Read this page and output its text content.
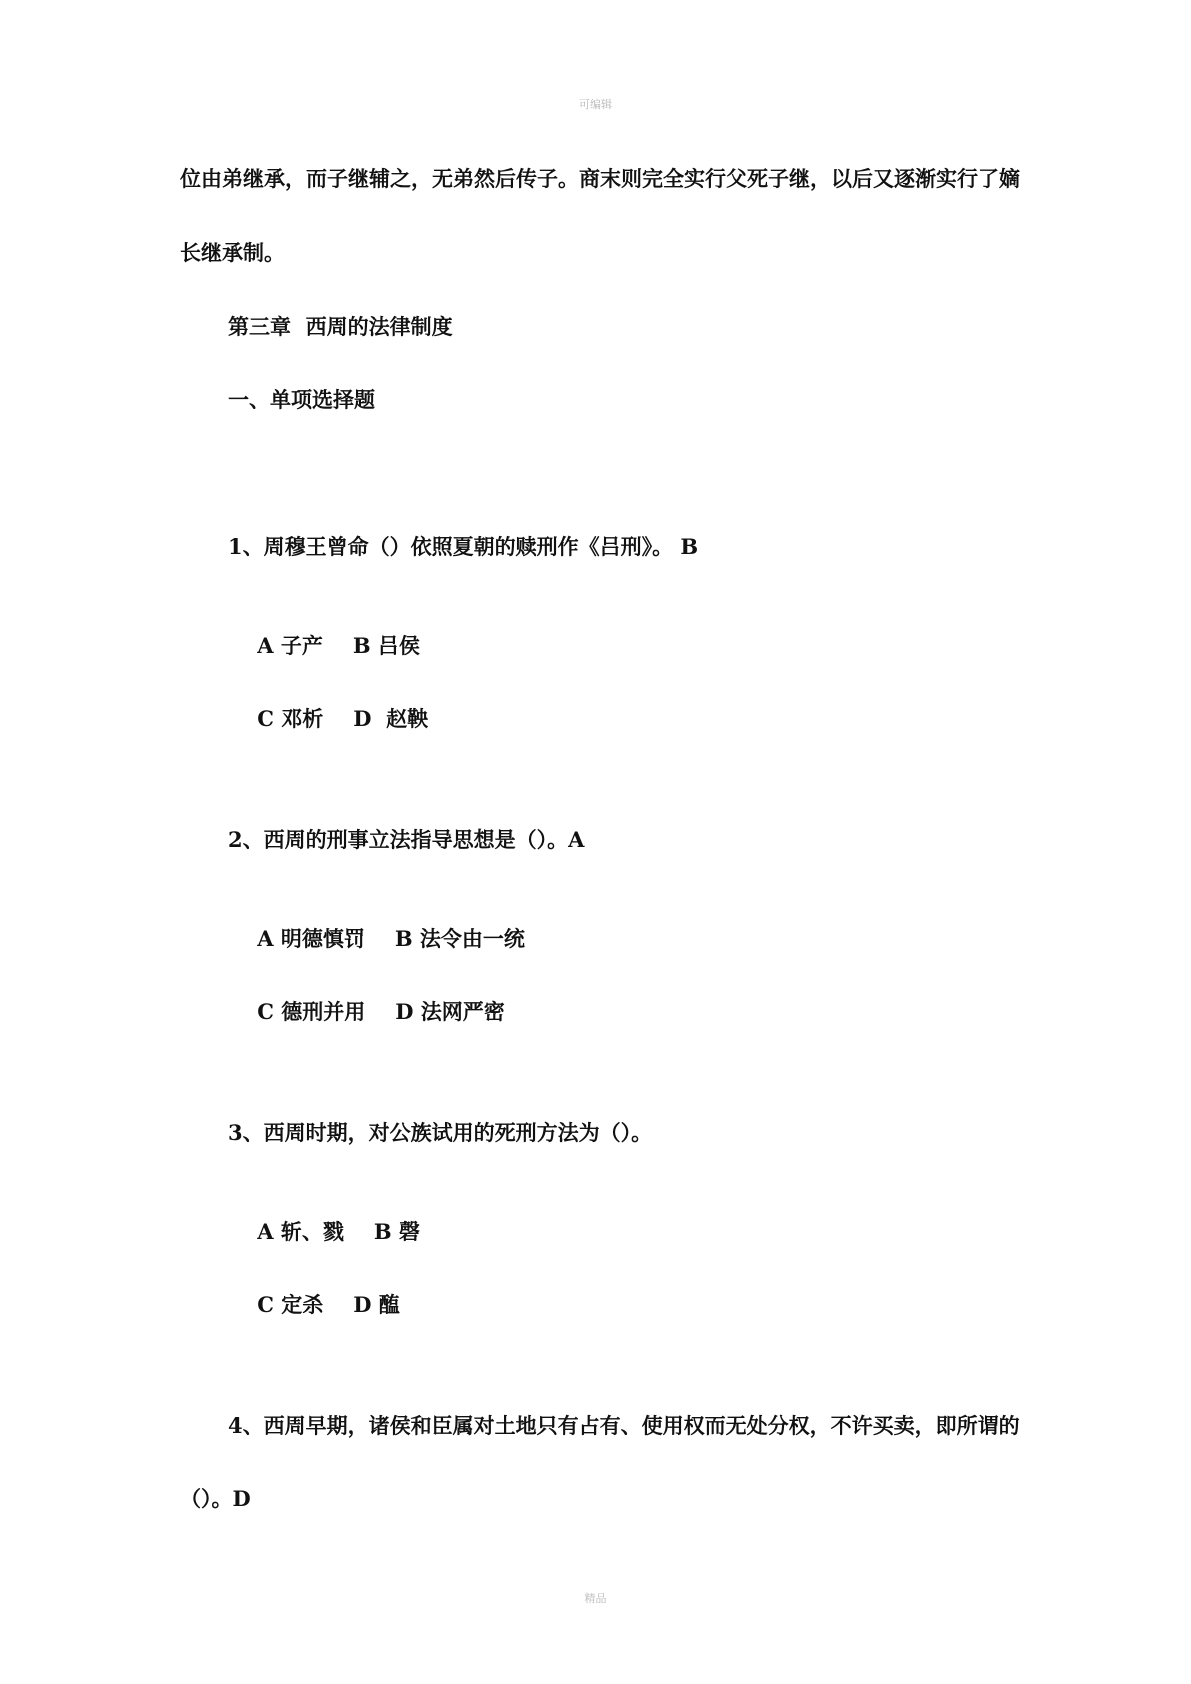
可编辑
位由弟继承，而子继辅之，无弟然后传子。商末则完全实行父死子继，以后又逐渐实行了嫡
长继承制。
第三章  西周的法律制度
一、单项选择题
1、周穆王曾命（）依照夏朝的赎刑作《吕刑》。 B

A 子产 B 吕侯

C 邓析 D  赵鞅

2、西周的刑事立法指导思想是（）。A

A 明德慎罚 B 法令由一统

C 德刑并用 D 法网严密

3、西周时期，对公族试用的死刑方法为（）。

A 斩、戮 B 磬

C 定杀 D 醢

4、西周早期，诸侯和臣属对土地只有占有、使用权而无处分权，不许买卖，即所谓的
（）。D
精品
